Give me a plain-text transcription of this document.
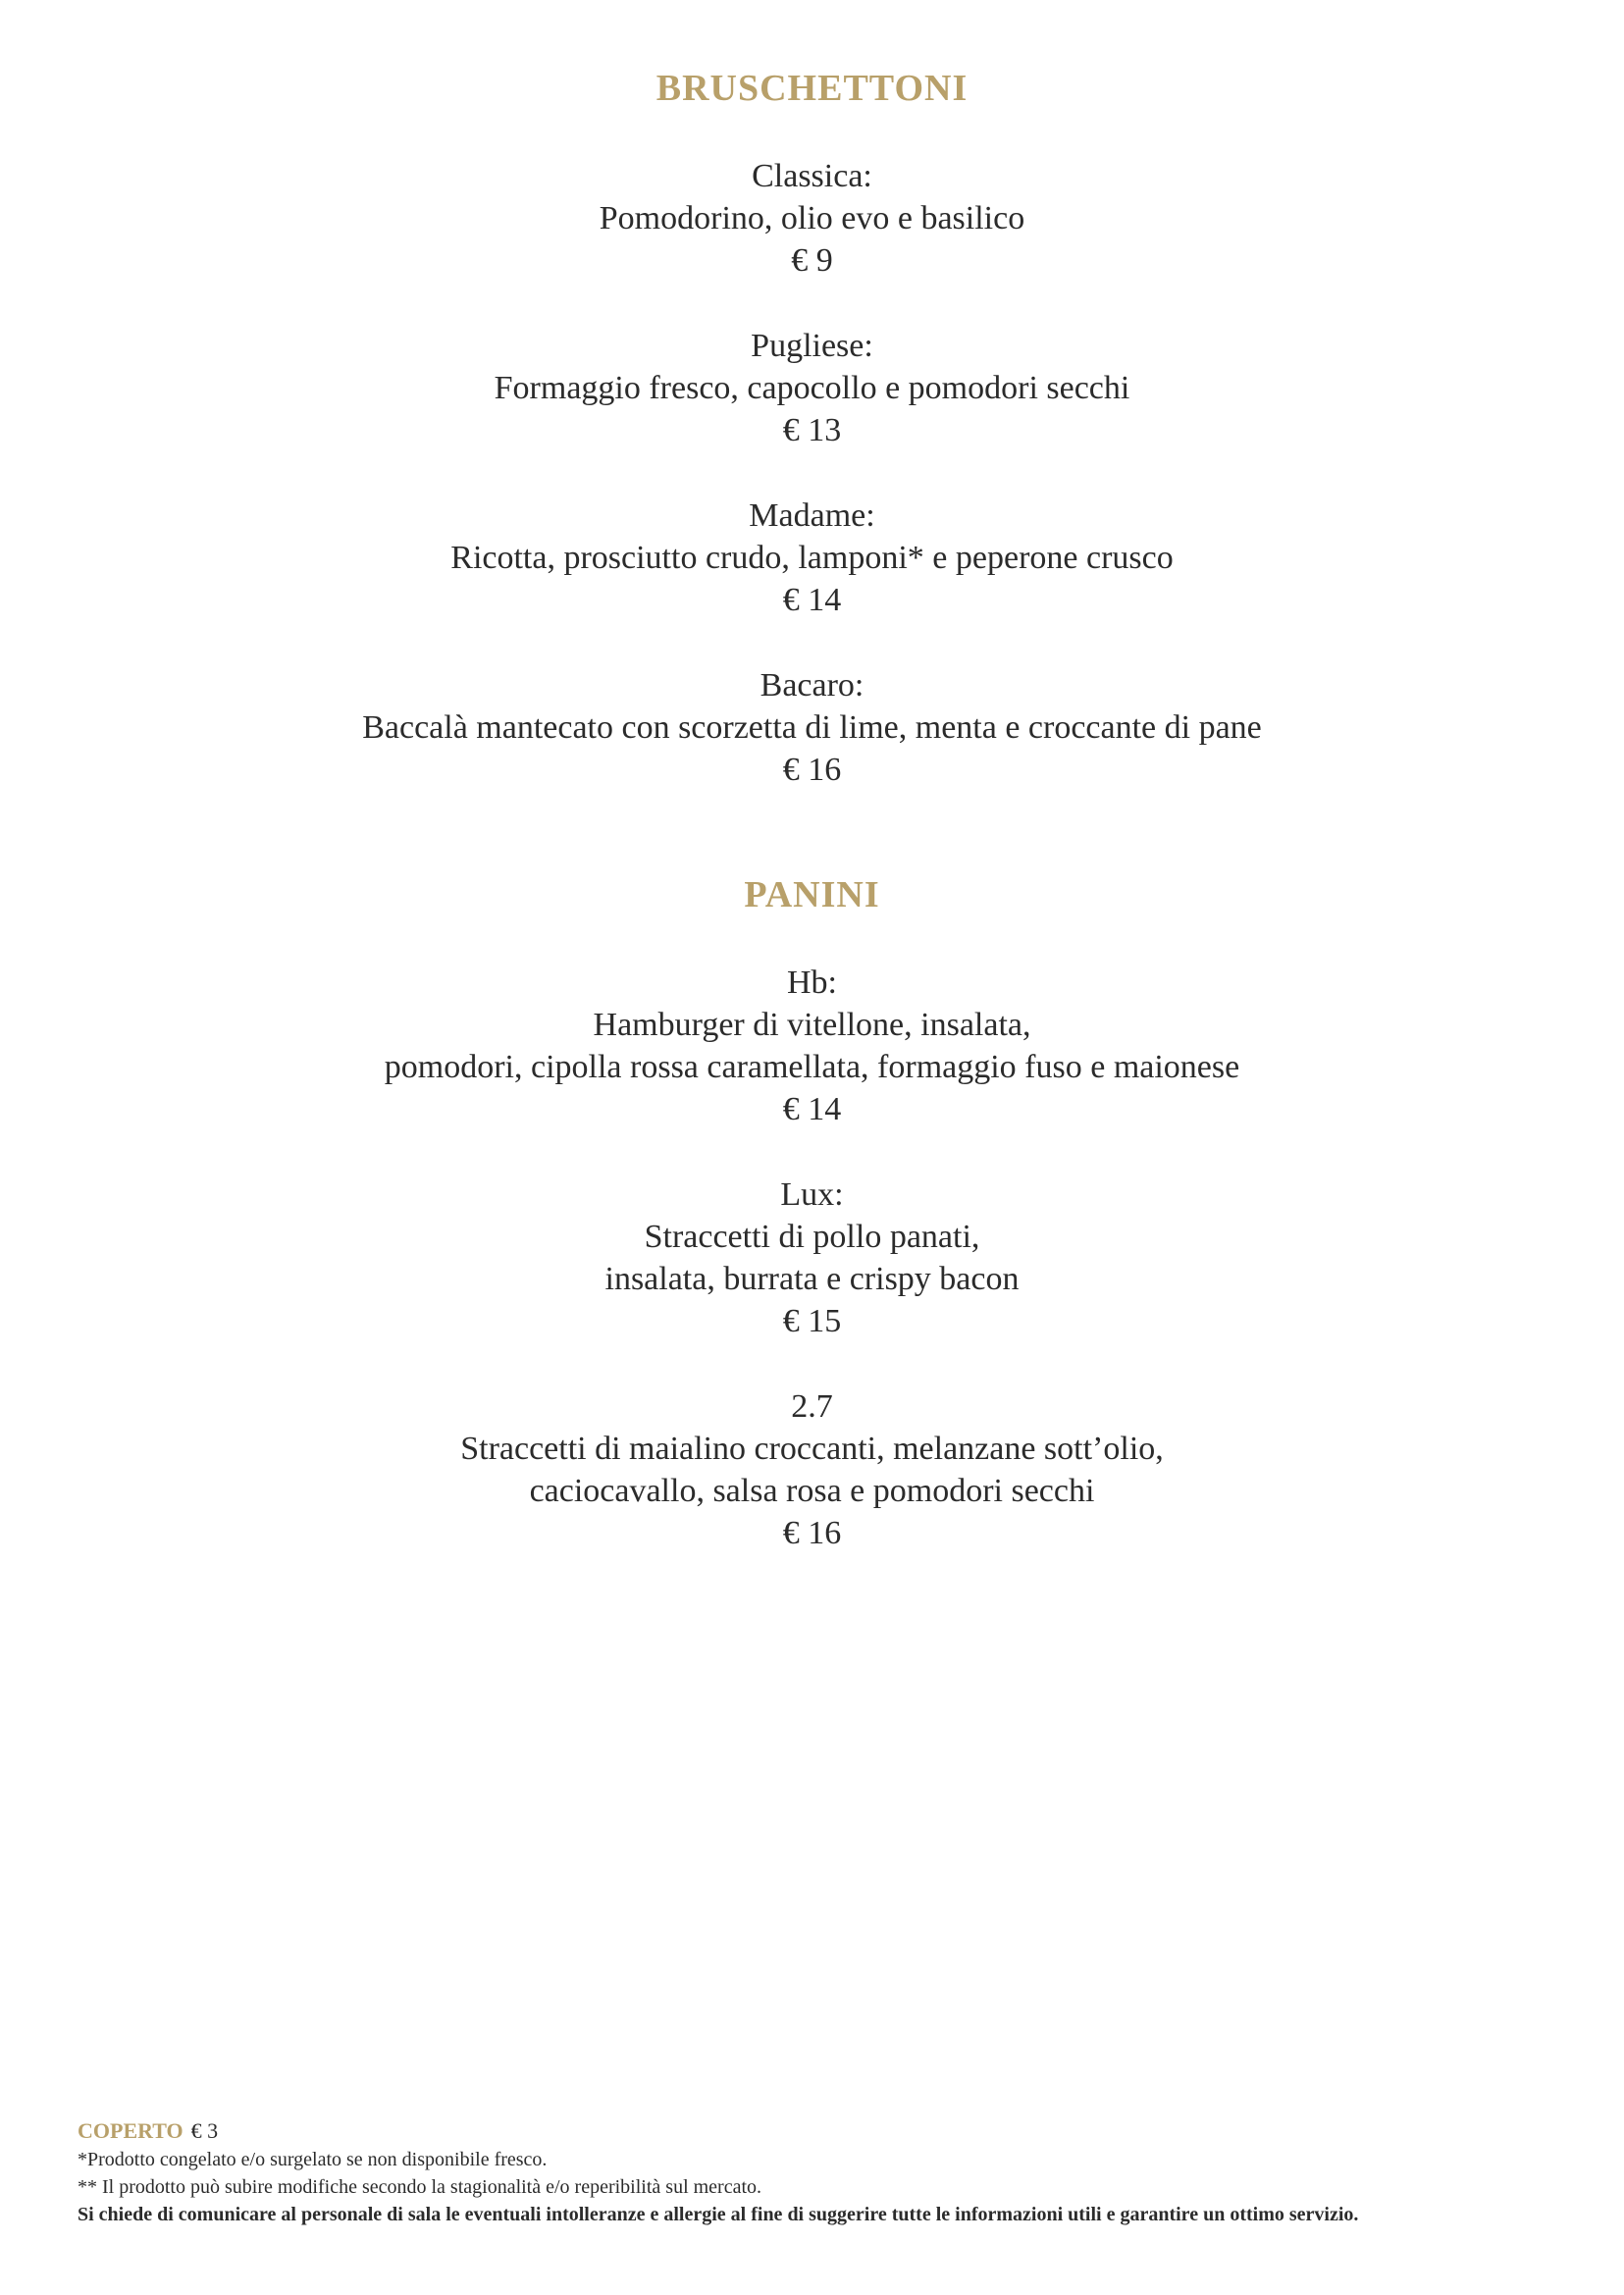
BRUSCHETTONI
Classica:
Pomodorino, olio evo e basilico
€ 9
Pugliese:
Formaggio fresco, capocollo e pomodori secchi
€ 13
Madame:
Ricotta, prosciutto crudo, lamponi* e peperone crusco
€ 14
Bacaro:
Baccalà mantecato con scorzetta di lime, menta e croccante di pane
€ 16
PANINI
Hb:
Hamburger di vitellone, insalata,
pomodori, cipolla rossa caramellata, formaggio fuso e maionese
€ 14
Lux:
Straccetti di pollo panati,
insalata, burrata e crispy bacon
€ 15
2.7
Straccetti di maialino croccanti, melanzane sott’olio,
caciocavallo, salsa rosa e pomodori secchi
€ 16
COPERTO € 3
*Prodotto congelato e/o surgelato se non disponibile fresco.
** Il prodotto può subire modifiche secondo la stagionalità e/o reperibilità sul mercato.
Si chiede di comunicare al personale di sala le eventuali intolleranze e allergie al fine di suggerire tutte le informazioni utili e garantire un ottimo servizio.
